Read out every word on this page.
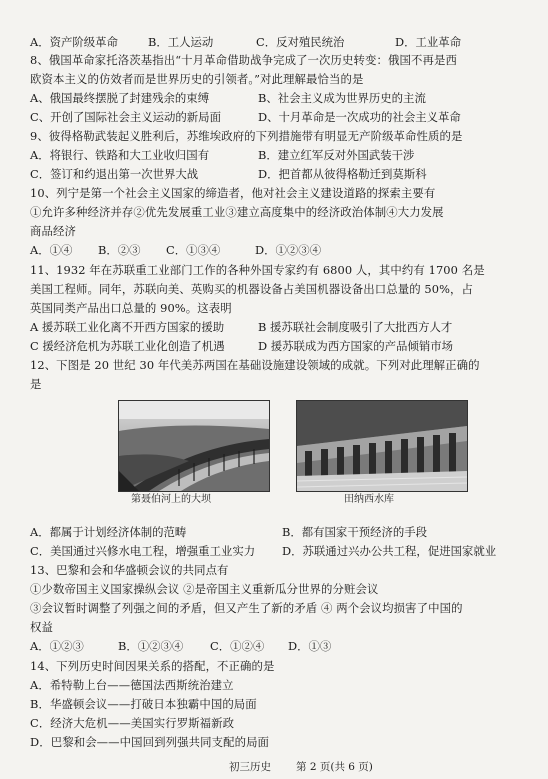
A．资产阶级革命	B．工人运动	C．反对殖民统治	D．工业革命
8、俄国革命家托洛茨基指出“十月革命借助战争完成了一次历史转变：俄国不再是西
欧资本主义的仿效者而是世界历史的引领者。”对此理解最恰当的是
A、俄国最终摆脱了封建残余的束缚	B、社会主义成为世界历史的主流
C、开创了国际社会主义运动的新局面	D、十月革命是一次成功的社会主义革命
9、彼得格勒武装起义胜利后，苏维埃政府的下列措施带有明显无产阶级革命性质的是
A．将银行、铁路和大工业收归国有	B．建立红军反对外国武装干涉
C．签订和约退出第一次世界大战	D．把首都从彼得格勒迁到莫斯科
10、列宁是第一个社会主义国家的缔造者，他对社会主义建设道路的探索主要有
①允许多种经济并存②优先发展重工业③建立高度集中的经济政治体制④大力发展
商品经济
A．①④ B．②③ C．①③④	D．①②③④
11、1932 年在苏联重工业部门工作的各种外国专家约有 6800 人，其中约有 1700 名是
美国工程师。同年，苏联向美、英购买的机器设备占美国机器设备出口总量的 50%，占
英国同类产品出口总量的 90%。这表明
A 援苏联工业化离不开西方国家的援助	B 援苏联社会制度吸引了大批西方人才
C 援经济危机为苏联工业化创造了机遇	D 援苏联成为西方国家的产品倾销市场
12、下图是 20 世纪 30 年代美苏两国在基础设施建设领域的成就。下列对此理解正确的
是
第聂伯河上的大坝	田纳西水库
A．都属于计划经济体制的范畴	B．都有国家干预经济的手段
C．美国通过兴修水电工程，增强重工业实力 D．苏联通过兴办公共工程，促进国家就业
13、巴黎和会和华盛顿会议的共同点有
①少数帝国主义国家操纵会议 ②是帝国主义重新瓜分世界的分赃会议
③会议暂时调整了列强之间的矛盾，但又产生了新的矛盾 ④ 两个会议均损害了中国的
权益
A．①②③	B．①②③④ C．①②④ D．①③
14、下列历史时间因果关系的搭配，不正确的是
A．希特勒上台——德国法西斯统治建立
B．华盛顿会议——打破日本独霸中国的局面
C．经济大危机——美国实行罗斯福新政
D．巴黎和会——中国回到列强共同支配的局面
初三历史 第 2 页(共 6 页)
